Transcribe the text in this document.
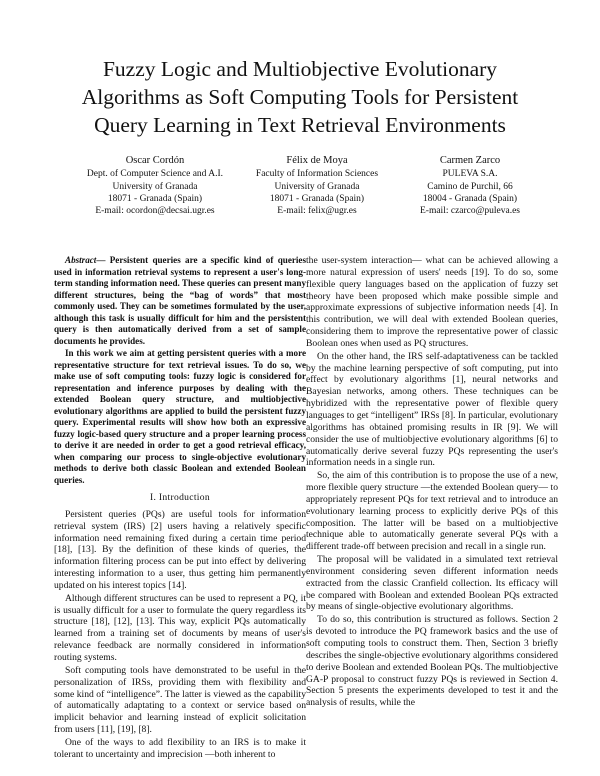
Fuzzy Logic and Multiobjective Evolutionary
Algorithms as Soft Computing Tools for Persistent
Query Learning in Text Retrieval Environments
Oscar Cordón
Dept. of Computer Science and A.I.
University of Granada
18071 - Granada (Spain)
E-mail: ocordon@decsai.ugr.es
Félix de Moya
Faculty of Information Sciences
University of Granada
18071 - Granada (Spain)
E-mail: felix@ugr.es
Carmen Zarco
PULEVA S.A.
Camino de Purchil, 66
18004 - Granada (Spain)
E-mail: czarco@puleva.es

Abstract— Persistent queries are a specific kind of queries used in information retrieval systems to represent a user's long-term standing information need. These queries can present many different structures, being the “bag of words” that most commonly used. They can be sometimes formulated by the user, although this task is usually difficult for him and the persistent query is then automatically derived from a set of sample documents he provides.

In this work we aim at getting persistent queries with a more representative structure for text retrieval issues. To do so, we make use of soft computing tools: fuzzy logic is considered for representation and inference purposes by dealing with the extended Boolean query structure, and multiobjective evolutionary algorithms are applied to build the persistent fuzzy query. Experimental results will show how both an expressive fuzzy logic-based query structure and a proper learning process to derive it are needed in order to get a good retrieval efficacy, when comparing our process to single-objective evolutionary methods to derive both classic Boolean and extended Boolean queries.

I. Introduction

Persistent queries (PQs) are useful tools for information retrieval system (IRS) [2] users having a relatively specific information need remaining fixed during a certain time period [18], [13]. By the definition of these kinds of queries, the information filtering process can be put into effect by delivering interesting information to a user, thus getting him permanently updated on his interest topics [14].

Although different structures can be used to represent a PQ, it is usually difficult for a user to formulate the query regardless its structure [18], [12], [13]. This way, explicit PQs automatically learned from a training set of documents by means of user's relevance feedback are normally considered in information routing systems.

Soft computing tools have demonstrated to be useful in the personalization of IRSs, providing them with flexibility and some kind of “intelligence”. The latter is viewed as the capability of automatically adaptating to a context or service based on implicit behavior and learning instead of explicit solicitation from users [11], [19], [8].

One of the ways to add flexibility to an IRS is to make it tolerant to uncertainty and imprecision —both inherent to

the user-system interaction— what can be achieved allowing a more natural expression of users' needs [19]. To do so, some flexible query languages based on the application of fuzzy set theory have been proposed which make possible simple and approximate expressions of subjective information needs [4]. In this contribution, we will deal with extended Boolean queries, considering them to improve the representative power of classic Boolean ones when used as PQ structures.

On the other hand, the IRS self-adaptativeness can be tackled by the machine learning perspective of soft computing, put into effect by evolutionary algorithms [1], neural networks and Bayesian networks, among others. These techniques can be hybridized with the representative power of flexible query languages to get “intelligent” IRSs [8]. In particular, evolutionary algorithms has obtained promising results in IR [9]. We will consider the use of multiobjective evolutionary algorithms [6] to automatically derive several fuzzy PQs representing the user's information needs in a single run.

So, the aim of this contribution is to propose the use of a new, more flexible query structure —the extended Boolean query— to appropriately represent PQs for text retrieval and to introduce an evolutionary learning process to explicitly derive PQs of this composition. The latter will be based on a multiobjective technique able to automatically generate several PQs with a different trade-off between precision and recall in a single run.

The proposal will be validated in a simulated text retrieval environment considering seven different information needs extracted from the classic Cranfield collection. Its efficacy will be compared with Boolean and extended Boolean PQs extracted by means of single-objective evolutionary algorithms.

To do so, this contribution is structured as follows. Section 2 is devoted to introduce the PQ framework basics and the use of soft computing tools to construct them. Then, Section 3 briefly describes the single-objective evolutionary algorithms considered to derive Boolean and extended Boolean PQs. The multiobjective GA-P proposal to construct fuzzy PQs is reviewed in Section 4. Section 5 presents the experiments developed to test it and the analysis of results, while the
